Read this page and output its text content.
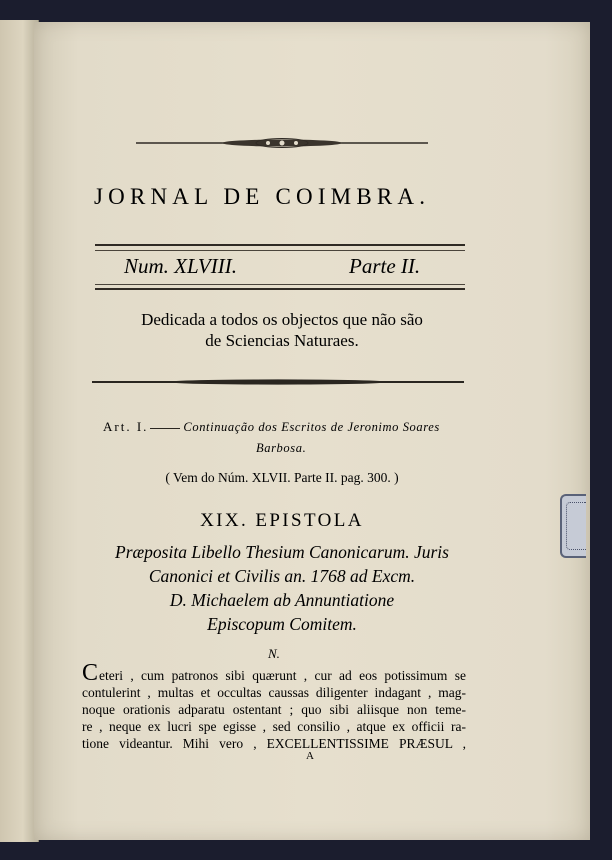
JORNAL DE COIMBRA.
Num. XLVIII.	Parte II.
Dedicada a todos os objectos que não são
de Sciencias Naturaes.
Art. I.	Continuação dos Escritos de Jeronimo Soares
Barbosa.
( Vem do Núm. XLVII. Parte II. pag. 300. )
XIX. EPISTOLA
Præposita Libello Thesium Canonicarum. Juris
Canonici et Civilis an. 1768 ad Excm.
D. Michaelem ab Annuntiatione
Episcopum Comitem.
N.
Ceteri , cum patronos sibi quærunt , cur ad eos potissimum se
contulerint , multas et occultas caussas diligenter indagant , mag-
noque orationis adparatu ostentant ; quo sibi aliisque non teme-
re , neque ex lucri spe egisse , sed consilio , atque ex officii ra-
tione videantur. Mihi vero , EXCELLENTISSIME PRÆSUL ,
A
